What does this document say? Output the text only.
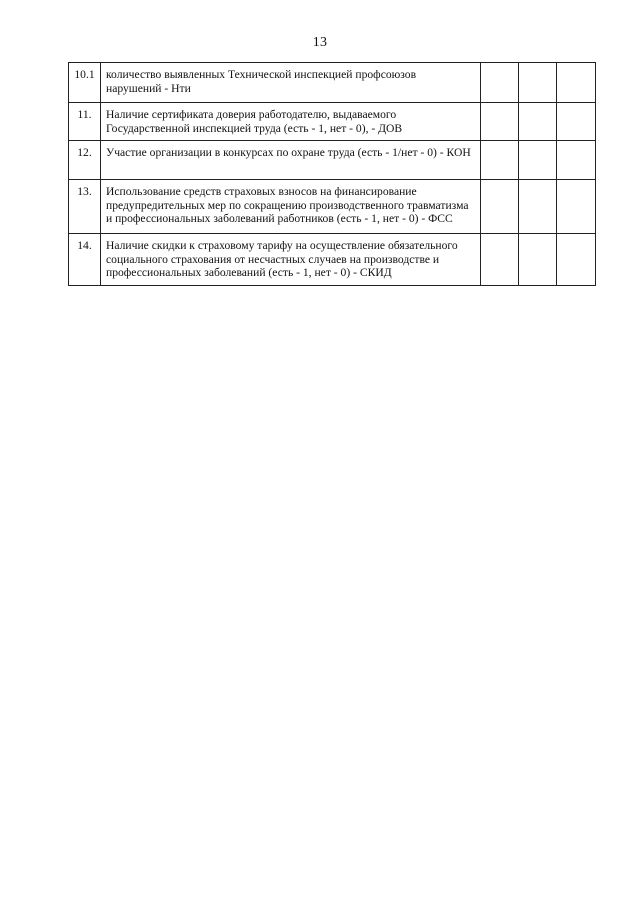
13
10.1	количество выявленных Технической инспекцией профсоюзов нарушений - Нти			

11.	Наличие сертификата доверия работодателю, выдаваемого Государственной инспекцией труда (есть - 1, нет - 0), - ДОВ			

12.	Участие организации в конкурсах по охране труда (есть - 1/нет - 0) - КОН			

13.	Использование средств страховых взносов на финансирование предупредительных мер по сокращению производственного травматизма и профессиональных заболеваний работников (есть - 1, нет - 0) - ФСС			

14.	Наличие скидки к страховому тарифу на осуществление обязательного социального страхования от несчастных случаев на производстве и профессиональных заболеваний (есть - 1, нет - 0) - СКИД			
